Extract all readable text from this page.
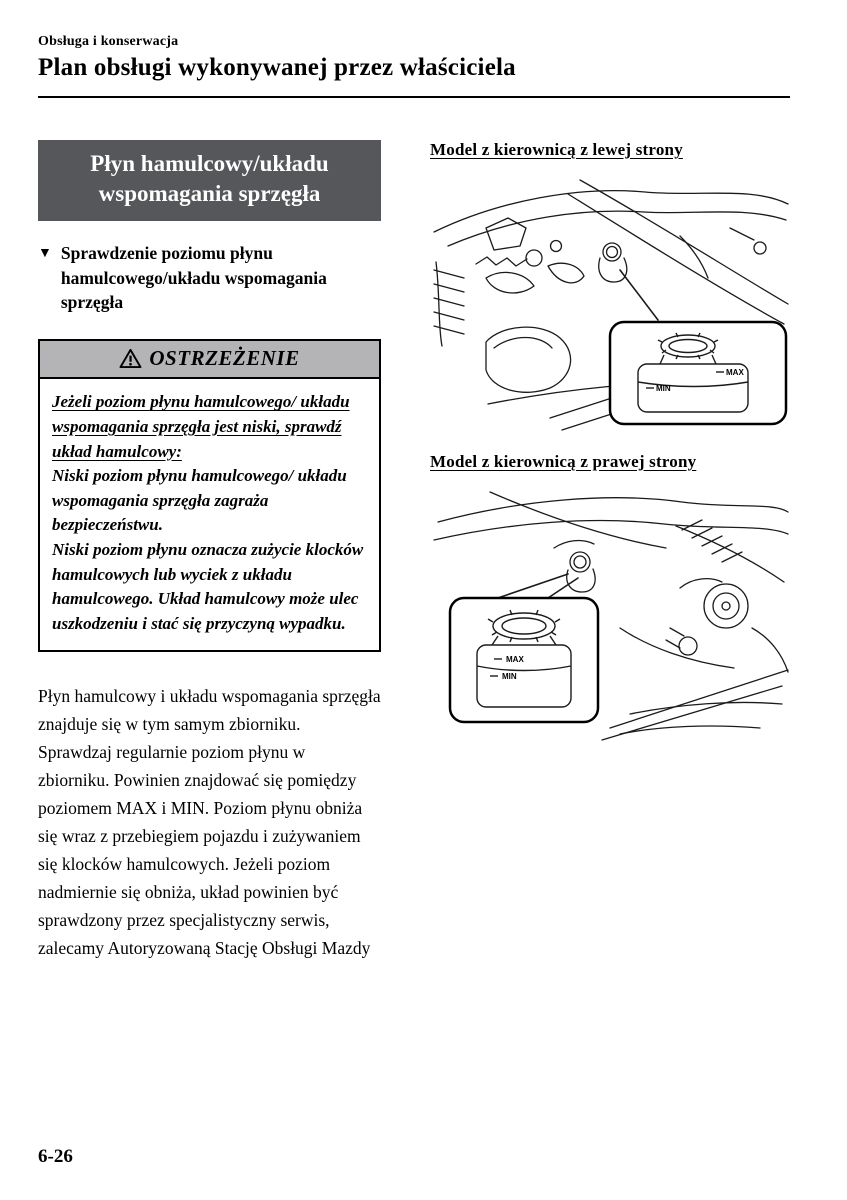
Obsługa i konserwacja
Plan obsługi wykonywanej przez właściciela
Płyn hamulcowy/układu
wspomagania sprzęgła
▼ Sprawdzenie poziomu płynu hamulcowego/układu wspomagania sprzęgła
OSTRZEŻENIE
Jeżeli poziom płynu hamulcowego/ układu wspomagania sprzęgła jest niski, sprawdź układ hamulcowy:
Niski poziom płynu hamulcowego/ układu wspomagania sprzęgła zagraża bezpieczeństwu.
Niski poziom płynu oznacza zużycie klocków hamulcowych lub wyciek z układu hamulcowego. Układ hamulcowy może ulec uszkodzeniu i stać się przyczyną wypadku.

Płyn hamulcowy i układu wspomagania sprzęgła znajduje się w tym samym zbiorniku.

Sprawdzaj regularnie poziom płynu w zbiorniku. Powinien znajdować się pomiędzy poziomem MAX i MIN. Poziom płynu obniża się wraz z przebiegiem pojazdu i zużywaniem się klocków hamulcowych. Jeżeli poziom nadmiernie się obniża, układ powinien być sprawdzony przez specjalistyczny serwis, zalecamy Autoryzowaną Stację Obsługi Mazdy

Model z kierownicą z lewej strony
MAX
MIN
Model z kierownicą z prawej strony
MAX
MIN
6-26
